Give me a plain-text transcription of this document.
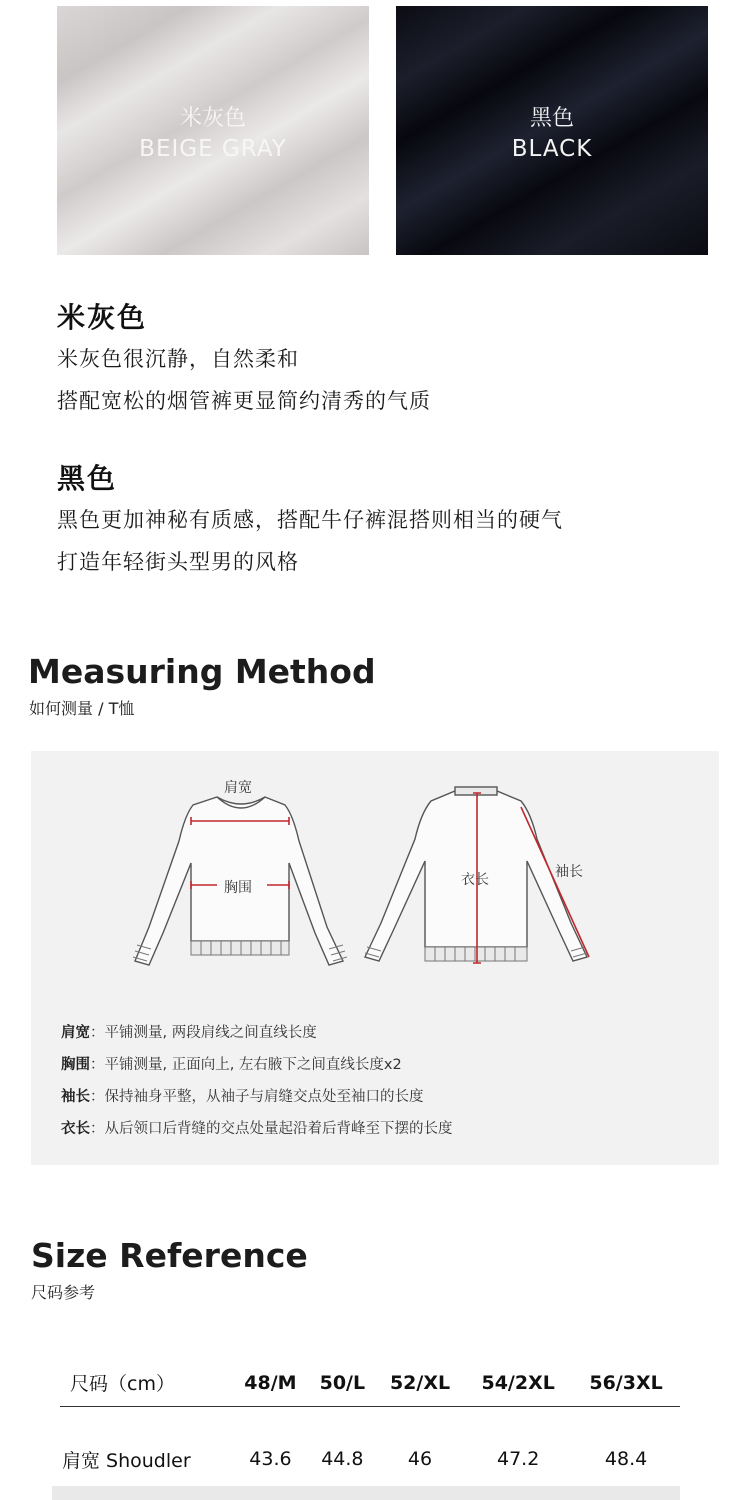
米灰色
BEIGE GRAY
黑色
BLACK
米灰色
米灰色很沉静，自然柔和
搭配宽松的烟管裤更显简约清秀的气质
黑色
黑色更加神秘有质感，搭配牛仔裤混搭则相当的硬气
打造年轻街头型男的风格
Measuring Method
如何测量 / T恤
肩宽
胸围	衣长	袖长
肩宽：平铺测量, 两段肩线之间直线长度
胸围：平铺测量, 正面向上, 左右腋下之间直线长度x2
袖长：保持袖身平整，从袖子与肩缝交点处至袖口的长度
衣长：从后领口后背缝的交点处量起沿着后背峰至下摆的长度
Size Reference
尺码参考
尺码（cm）	48/M	50/L	52/XL	54/2XL	56/3XL
肩宽 Shoudler	43.6	44.8	46	47.2	48.4
